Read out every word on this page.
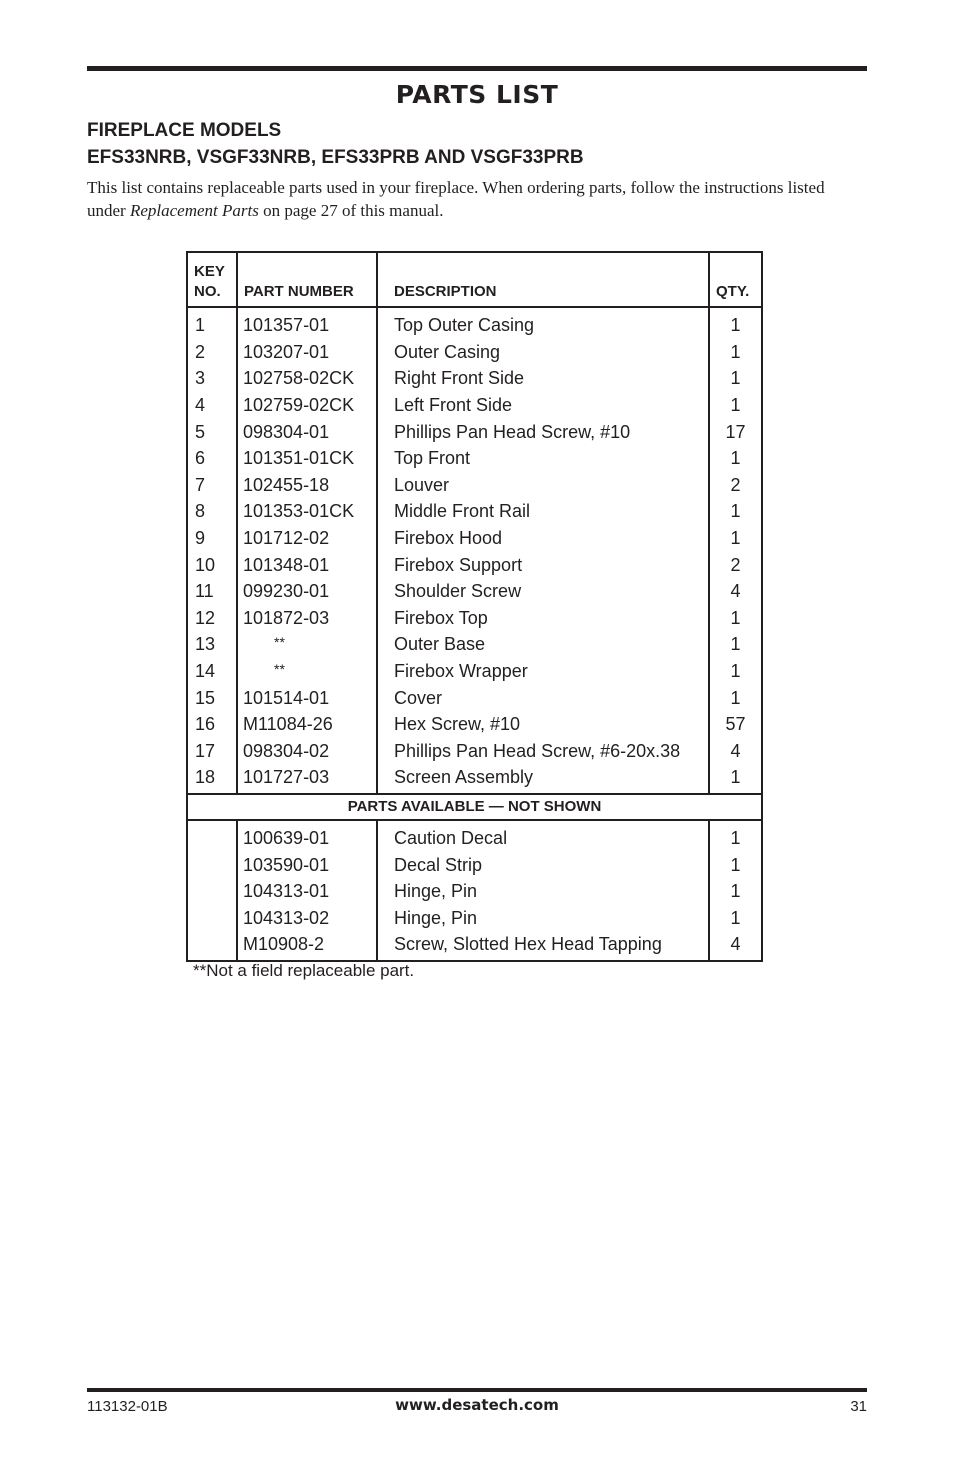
PARTS LIST
FIREPLACE MODELS
EFS33NRB, VSGF33NRB, EFS33PRB AND VSGF33PRB
This list contains replaceable parts used in your fireplace. When ordering parts, follow the instructions listed under Replacement Parts on page 27 of this manual.
KEY
NO.	PART NUMBER	DESCRIPTION	QTY.
1	101357-01	Top Outer Casing	1
2	103207-01	Outer Casing	1
3	102758-02CK	Right Front Side	1
4	102759-02CK	Left Front Side	1
5	098304-01	Phillips Pan Head Screw, #10	17
6	101351-01CK	Top Front	1
7	102455-18	Louver	2
8	101353-01CK	Middle Front Rail	1
9	101712-02	Firebox Hood	1
10	101348-01	Firebox Support	2
11	099230-01	Shoulder Screw	4
12	101872-03	Firebox Top	1
13	**	Outer Base	1
14	**	Firebox Wrapper	1
15	101514-01	Cover	1
16	M11084-26	Hex Screw, #10	57
17	098304-02	Phillips Pan Head Screw, #6-20x.38	4
18	101727-03	Screen Assembly	1
PARTS AVAILABLE — NOT SHOWN			
	100639-01	Caution Decal	1
	103590-01	Decal Strip	1
	104313-01	Hinge, Pin	1
	104313-02	Hinge, Pin	1
	M10908-2	Screw, Slotted Hex Head Tapping	4
**Not a field replaceable part.
113132-01B	www.desatech.com	31
